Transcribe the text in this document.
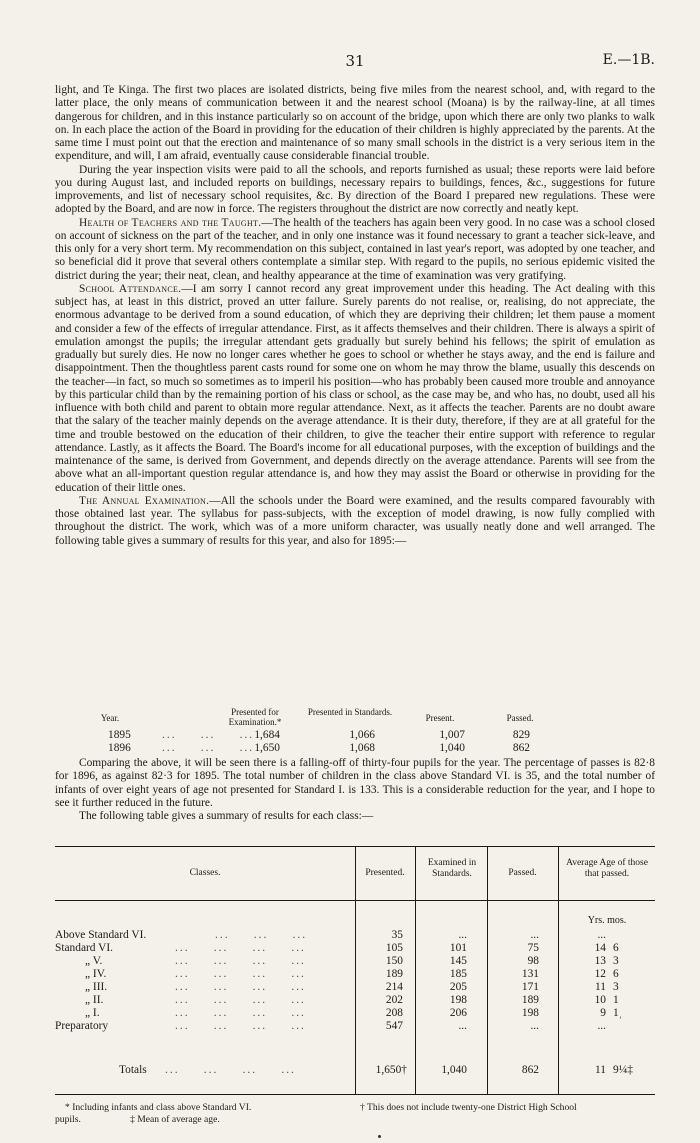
31	E.—1B.

light, and Te Kinga. The first two places are isolated districts, being five miles from the nearest school, and, with regard to the latter place, the only means of communication between it and the nearest school (Moana) is by the railway-line, at all times dangerous for children, and in this instance particularly so on account of the bridge, upon which there are only two planks to walk on. In each place the action of the Board in providing for the education of their children is highly appreciated by the parents. At the same time I must point out that the erection and maintenance of so many small schools in the district is a very serious item in the expenditure, and will, I am afraid, eventually cause considerable financial trouble.

During the year inspection visits were paid to all the schools, and reports furnished as usual; these reports were laid before you during August last, and included reports on buildings, necessary repairs to buildings, fences, &c., suggestions for future improvements, and list of necessary school requisites, &c. By direction of the Board I prepared new regulations. These were adopted by the Board, and are now in force. The registers throughout the district are now correctly and neatly kept.

Health of Teachers and the Taught.—The health of the teachers has again been very good. In no case was a school closed on account of sickness on the part of the teacher, and in only one instance was it found necessary to grant a teacher sick-leave, and this only for a very short term. My recommendation on this subject, contained in last year's report, was adopted by one teacher, and so beneficial did it prove that several others contemplate a similar step. With regard to the pupils, no serious epidemic visited the district during the year; their neat, clean, and healthy appearance at the time of examination was very gratifying.

School Attendance.—I am sorry I cannot record any great improvement under this heading. The Act dealing with this subject has, at least in this district, proved an utter failure. Surely parents do not realise, or, realising, do not appreciate, the enormous advantage to be derived from a sound education, of which they are depriving their children; let them pause a moment and consider a few of the effects of irregular attendance. First, as it affects themselves and their children. There is always a spirit of emulation amongst the pupils; the irregular attendant gets gradually but surely behind his fellows; the spirit of emulation as gradually but surely dies. He now no longer cares whether he goes to school or whether he stays away, and the end is failure and disappointment. Then the thoughtless parent casts round for some one on whom he may throw the blame, usually this descends on the teacher—in fact, so much so sometimes as to imperil his position—who has probably been caused more trouble and annoyance by this particular child than by the remaining portion of his class or school, as the case may be, and who has, no doubt, used all his influence with both child and parent to obtain more regular attendance. Next, as it affects the teacher. Parents are no doubt aware that the salary of the teacher mainly depends on the average attendance. It is their duty, therefore, if they are at all grateful for the time and trouble bestowed on the education of their children, to give the teacher their entire support with reference to regular attendance. Lastly, as it affects the Board. The Board's income for all educational purposes, with the exception of buildings and the maintenance of the same, is derived from Government, and depends directly on the average attendance. Parents will see from the above what an all-important question regular attendance is, and how they may assist the Board or otherwise in providing for the education of their little ones.

The Annual Examination.—All the schools under the Board were examined, and the results compared favourably with those obtained last year. The syllabus for pass-subjects, with the exception of model drawing, is now fully complied with throughout the district. The work, which was of a more uniform character, was usually neatly done and well arranged. The following table gives a summary of results for this year, and also for 1895:—

Year.
Presented for Examination.*
Presented in Standards.
Present.	Passed.
1895	...     ...     ... 1,684	1,066	1,007	829
1896	...     ...     ... 1,650	1,068	1,040	862

Comparing the above, it will be seen there is a falling-off of thirty-four pupils for the year. The percentage of passes is 82·8 for 1896, as against 82·3 for 1895. The total number of children in the class above Standard VI. is 35, and the total number of infants of over eight years of age not presented for Standard I. is 133. This is a considerable reduction for the year, and I hope to see it further reduced in the future.

The following table gives a summary of results for each class:—

Classes.	Presented.
Examined in Standards.	Passed.
Average Age of those that passed.
Yrs. mos.
Above Standard VI.	...     ...     ...	35	...	...	...
Standard VI.	...     ...     ...     ...	105	101	75	14 6
„ V.	...     ...     ...     ...	150	145	98	13 3
„ IV.	...     ...     ...     ...	189	185	131	12 6
„ III.	...     ...     ...     ...	214	205	171	11 3
„ II.	...     ...     ...     ...	202	198	189	10 1
„ I.	...     ...     ...     ...	208	206	198	9 1ˌ
Preparatory	...     ...     ...     ...	547	...	...	...
Totals ...     ...     ...     ...	1,650†	1,040	862	11 9¼‡
* Including infants and class above Standard VI.	† This does not include twenty-one District High School
pupils.	‡ Mean of average age.
